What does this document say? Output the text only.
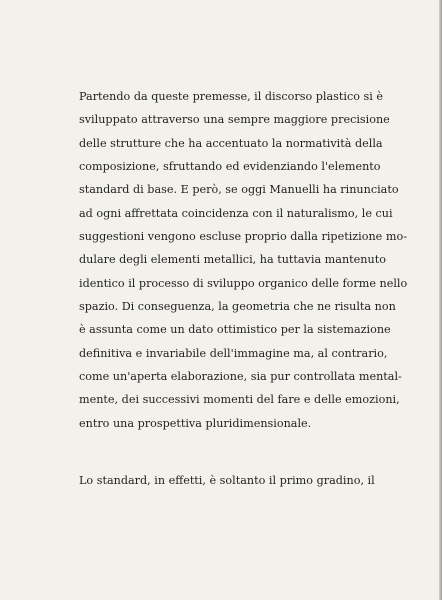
Partendo da queste premesse, il discorso plastico si è
sviluppato attraverso una sempre maggiore precisione
delle strutture che ha accentuato la normatività della
composizione, sfruttando ed evidenziando l'elemento
standard di base. E però, se oggi Manuelli ha rinunciato
ad ogni affrettata coincidenza con il naturalismo, le cui
suggestioni vengono escluse proprio dalla ripetizione mo-
dulare degli elementi metallici, ha tuttavia mantenuto
identico il processo di sviluppo organico delle forme nello
spazio. Di conseguenza, la geometria che ne risulta non
è assunta come un dato ottimistico per la sistemazione
definitiva e invariabile dell'immagine ma, al contrario,
come un'aperta elaborazione, sia pur controllata mental-
mente, dei successivi momenti del fare e delle emozioni,
entro una prospettiva pluridimensionale.
Lo standard, in effetti, è soltanto il primo gradino, il
